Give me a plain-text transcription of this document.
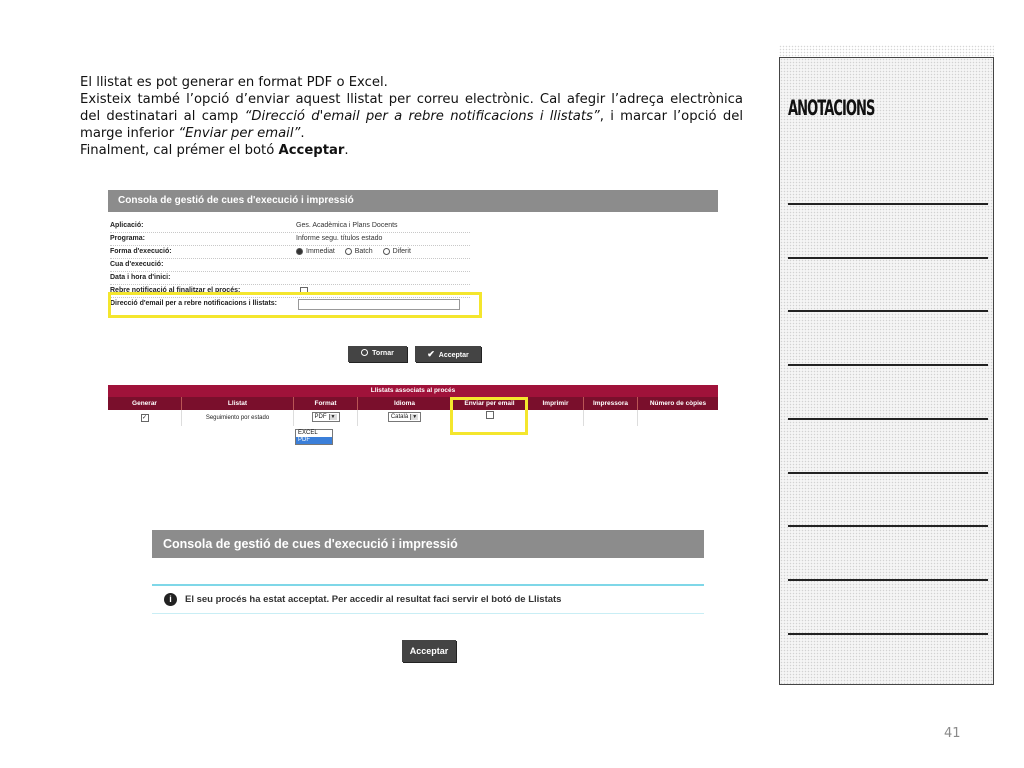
El llistat es pot generar en format PDF o Excel.

Existeix també l’opció d’enviar aquest llistat per correu electrònic. Cal afegir l’adreça electrònica del destinatari al camp “Direcció d'email per a rebre notificacions i llistats”, i marcar l’opció del marge inferior “Enviar per email”.

Finalment, cal prémer el botó Acceptar.

Consola de gestió de cues d'execució i impressió
Aplicació:	Ges. Acadèmica i Plans Docents
Programa:	Informe segu. títulos estado
Forma d'execució:	Immediat	Batch	Diferit
Cua d'execució:
Data i hora d'inici:
Rebre notificació al finalitzar el procés:
Direcció d'email per a rebre notificacions i llistats:
Tornar	✔ Acceptar
Llistats associats al procés
Generar	Llistat	Format	Idioma	Enviar per email	Imprimir	Impressora	Número de còpies
✓	Seguimiento por estado	PDF ▼	Català ▼
EXCEL
PDF
Consola de gestió de cues d'execució i impressió
i	El seu procés ha estat acceptat. Per accedir al resultat faci servir el botó de Llistats
Acceptar
ANOTACIONS
41
